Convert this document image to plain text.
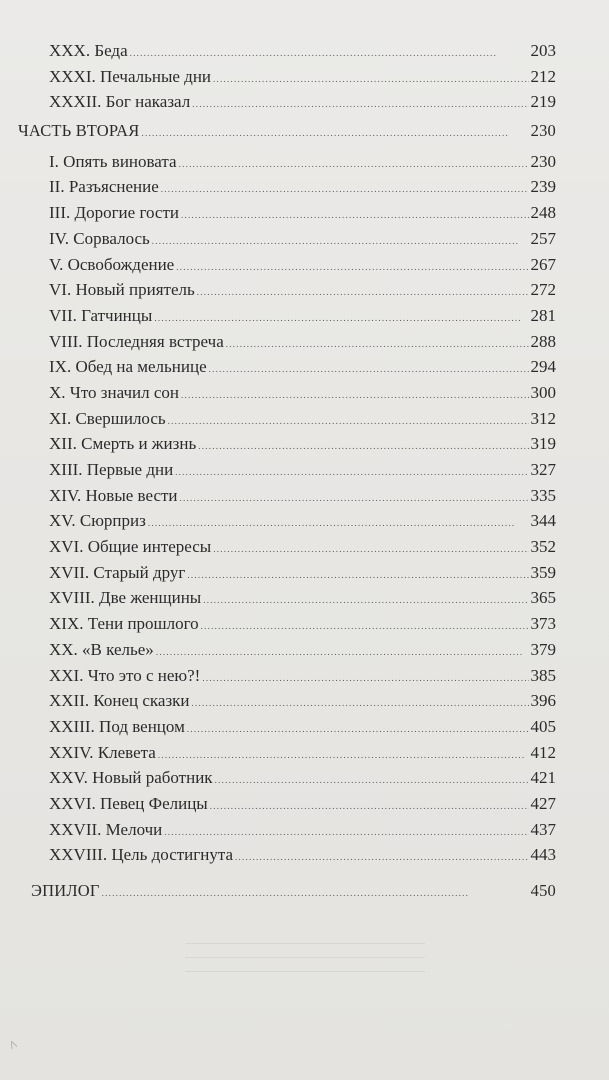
XXX. Беда . . .	203
XXXI. Печальные дни . . .	212
XXXII. Бог наказал . . .	219
ЧАСТЬ ВТОРАЯ . . .	230
I. Опять виновата . . .	230
II. Разъяснение . . .	239
III. Дорогие гости . . .	248
IV. Сорвалось . . .	257
V. Освобождение . . .	267
VI. Новый приятель . . .	272
VII. Гатчинцы . . .	281
VIII. Последняя встреча . . .	288
IX. Обед на мельнице . . .	294
X. Что значил сон . . .	300
XI. Свершилось . . .	312
XII. Смерть и жизнь . . .	319
XIII. Первые дни . . .	327
XIV. Новые вести . . .	335
XV. Сюрприз . . .	344
XVI. Общие интересы . . .	352
XVII. Старый друг . . .	359
XVIII. Две женщины . . .	365
XIX. Тени прошлого . . .	373
XX. «В келье» . . .	379
XXI. Что это с нею?! . . .	385
XXII. Конец сказки . . .	396
XXIII. Под венцом . . .	405
XXIV. Клевета . . .	412
XXV. Новый работник . . .	421
XXVI. Певец Фелицы . . .	427
XXVII. Мелочи . . .	437
XXVIII. Цель достигнута . . .	443
ЭПИЛОГ . . .	450
Λ
